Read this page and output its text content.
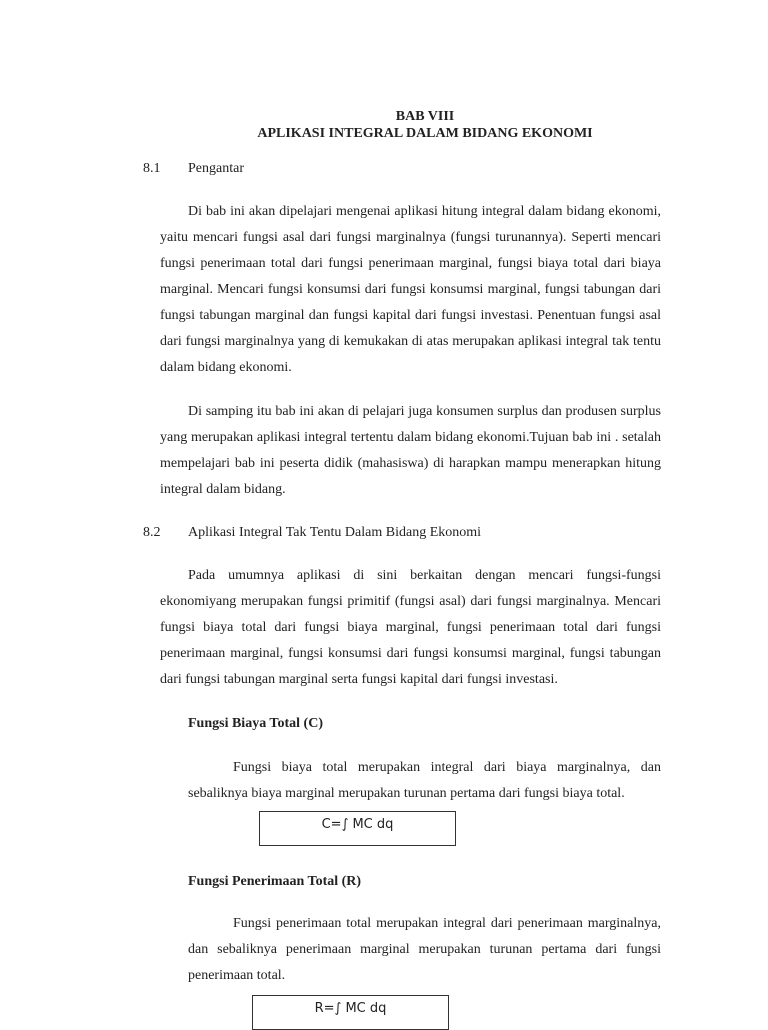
BAB VIII
APLIKASI INTEGRAL DALAM BIDANG EKONOMI
8.1 Pengantar
Di bab ini akan dipelajari mengenai aplikasi hitung integral dalam bidang ekonomi, yaitu mencari fungsi asal dari fungsi marginalnya (fungsi turunannya). Seperti mencari fungsi penerimaan total dari fungsi penerimaan marginal, fungsi biaya total dari biaya marginal. Mencari fungsi konsumsi dari fungsi konsumsi marginal, fungsi tabungan dari fungsi tabungan marginal dan fungsi kapital dari fungsi investasi. Penentuan fungsi asal dari fungsi marginalnya yang di kemukakan di atas merupakan aplikasi integral tak tentu dalam bidang ekonomi.
Di samping itu bab ini akan di pelajari juga konsumen surplus dan produsen surplus yang merupakan aplikasi integral tertentu dalam bidang ekonomi.Tujuan bab ini . setalah mempelajari bab ini peserta didik (mahasiswa) di harapkan mampu menerapkan hitung integral dalam bidang.
8.2 Aplikasi Integral Tak Tentu Dalam Bidang Ekonomi
Pada umumnya aplikasi di sini berkaitan dengan mencari fungsi-fungsi ekonomiyang merupakan fungsi primitif (fungsi asal) dari fungsi marginalnya. Mencari fungsi biaya total dari fungsi biaya marginal, fungsi penerimaan total dari fungsi penerimaan marginal, fungsi konsumsi dari fungsi konsumsi marginal, fungsi tabungan dari fungsi tabungan marginal serta fungsi kapital dari fungsi investasi.
Fungsi Biaya Total (C)
Fungsi biaya total merupakan integral dari biaya marginalnya, dan sebaliknya biaya marginal merupakan turunan pertama dari fungsi biaya total.
C=∫ MC dq
Fungsi Penerimaan Total (R)
Fungsi penerimaan total merupakan integral dari penerimaan marginalnya, dan sebaliknya penerimaan marginal merupakan turunan pertama dari fungsi penerimaan total.
R=∫ MC dq
